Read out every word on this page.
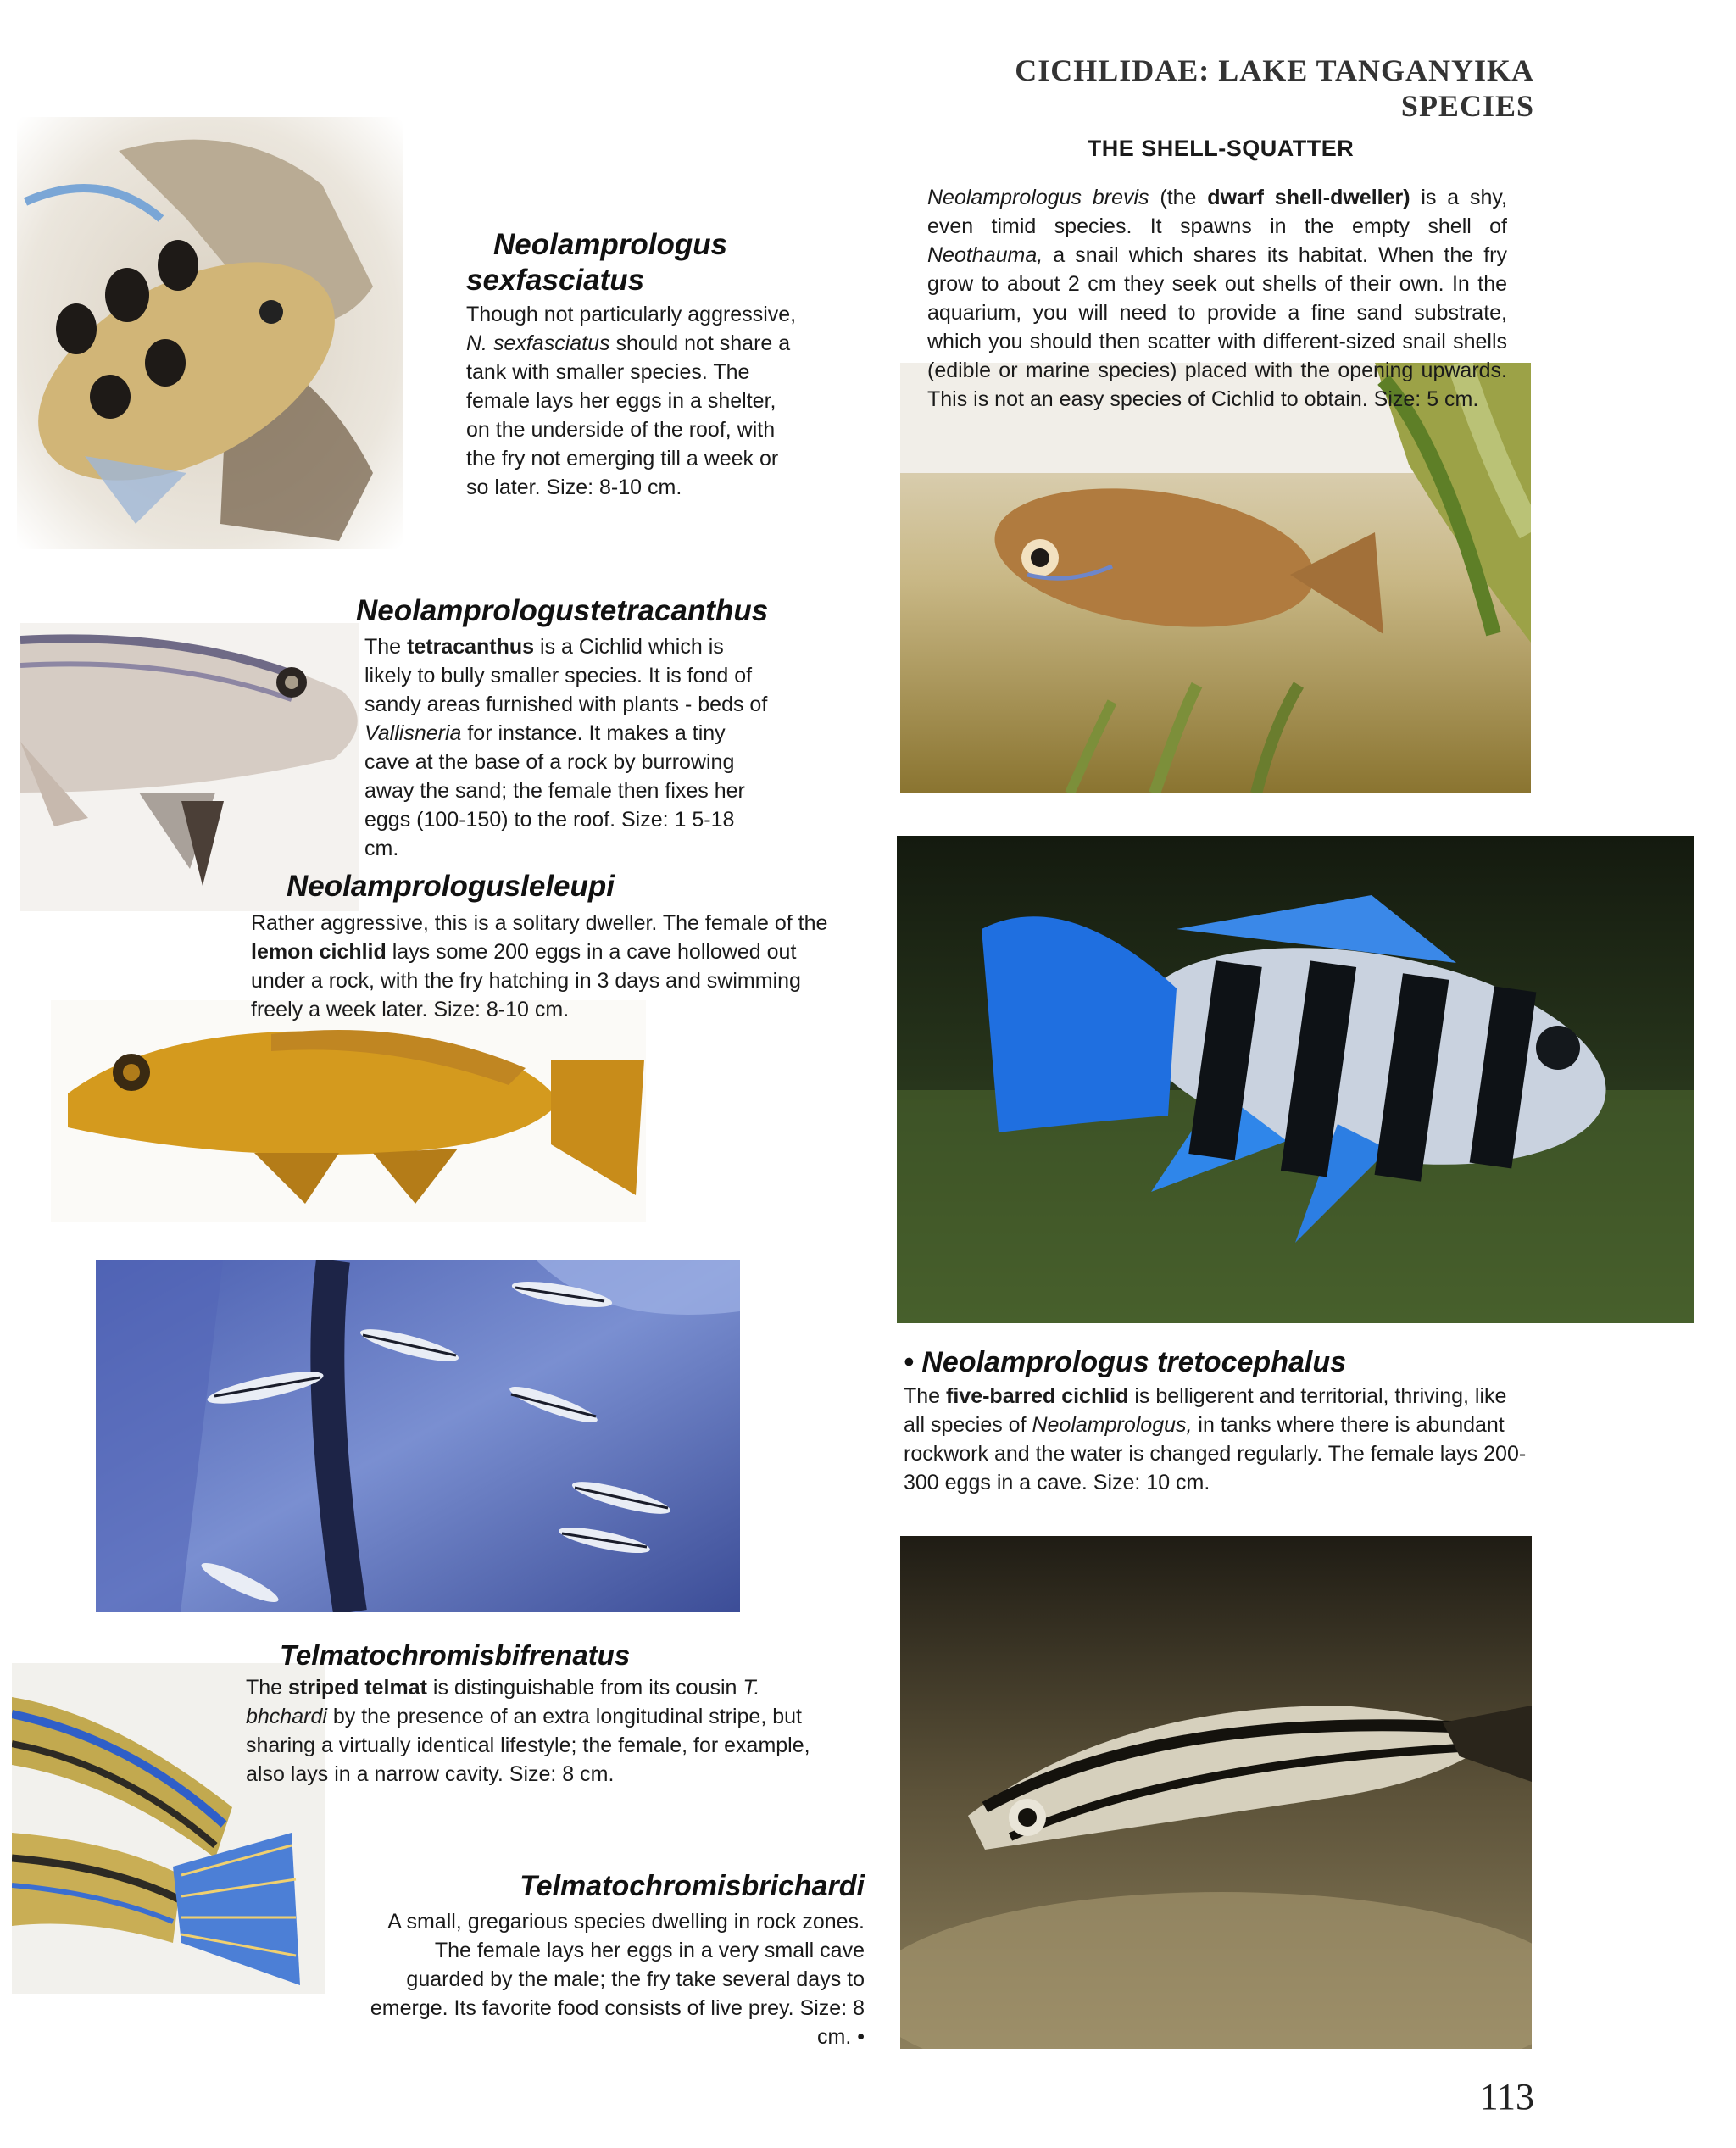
CICHLIDAE: LAKE TANGANYIKA SPECIES
THE SHELL-SQUATTER
Neolamprologus brevis (the dwarf shell-dweller) is a shy, even timid species. It spawns in the empty shell of Neothauma, a snail which shares its habitat. When the fry grow to about 2 cm they seek out shells of their own. In the aquarium, you will need to provide a fine sand substrate, which you should then scatter with different-sized snail shells (edible or marine species) placed with the opening upwards. This is not an easy species of Cichlid to obtain. Size: 5 cm.
Neolamprologus
sexfasciatus
Though not particularly aggressive, N. sexfasciatus should not share a tank with smaller species. The female lays her eggs in a shelter, on the underside of the roof, with the fry not emerging till a week or so later. Size: 8-10 cm.
Neolamprologustetracanthus
The tetracanthus is a Cichlid which is likely to bully smaller species. It is fond of sandy areas furnished with plants - beds of Vallisneria for instance. It makes a tiny cave at the base of a rock by burrowing away the sand; the female then fixes her eggs (100-150) to the roof. Size: 1 5-18 cm.
Neolamprologusleleupi
Rather aggressive, this is a solitary dweller. The female of the lemon cichlid lays some 200 eggs in a cave hollowed out under a rock, with the fry hatching in 3 days and swimming freely a week later. Size: 8-10 cm.
• Neolamprologus tretocephalus
The five-barred cichlid is belligerent and territorial, thriving, like all species of Neolamprologus, in tanks where there is abundant rockwork and the water is changed regularly. The female lays 200-300 eggs in a cave. Size: 10 cm.
Telmatochromisbifrenatus
The striped telmat is distinguishable from its cousin T. bhchardi by the presence of an extra longitudinal stripe, but sharing a virtually identical lifestyle; the female, for example, also lays in a narrow cavity. Size: 8 cm.
Telmatochromisbrichardi
A small, gregarious species dwelling in rock zones. The female lays her eggs in a very small cave guarded by the male; the fry take several days to emerge. Its favorite food consists of live prey. Size: 8 cm. •
113
